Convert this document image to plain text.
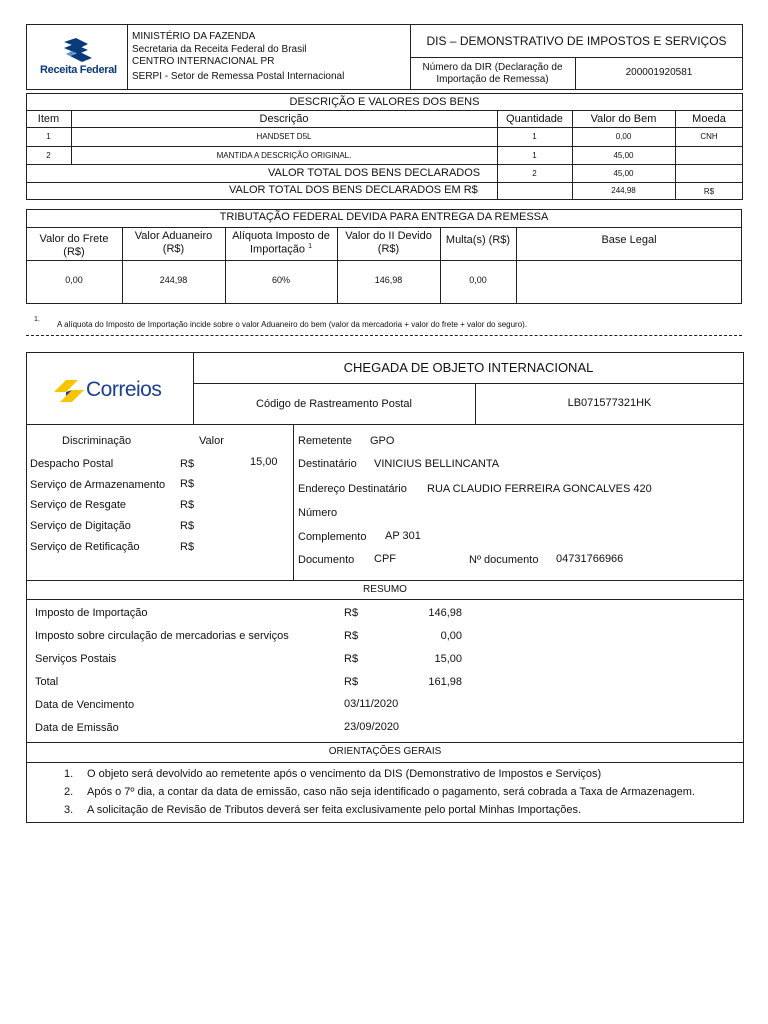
Receita Federal
MINISTÉRIO DA FAZENDA
Secretaria da Receita Federal do Brasil
CENTRO INTERNACIONAL PR
SERPI - Setor de Remessa Postal Internacional
DIS – DEMONSTRATIVO DE IMPOSTOS E SERVIÇOS
Número da DIR (Declaração de
Importação de Remessa)
200001920581
DESCRIÇÃO E VALORES DOS BENS
Item	Descrição	Quantidade	Valor do Bem	Moeda
1	HANDSET D5L	1	0,00	CNH
2	MANTIDA A DESCRIÇÃO ORIGINAL.	1	45,00
VALOR TOTAL DOS BENS DECLARADOS	2	45,00
VALOR TOTAL DOS BENS DECLARADOS EM R$	244,98	R$
TRIBUTAÇÃO FEDERAL DEVIDA PARA ENTREGA DA REMESSA
Valor do Frete
(R$)
Valor Aduaneiro
(R$)
Alíquota Imposto de
Importação $^1$
Valor do II Devido
(R$)
Multa(s) (R$)	Base Legal
0,00	244,98	60%	146,98	0,00
1.
A alíquota do Imposto de Importação incide sobre o valor Aduaneiro do bem (valor da mercadoria + valor do frete + valor do seguro).
Correios
CHEGADA DE OBJETO INTERNACIONAL
Código de Rastreamento Postal	LB071577321HK
Discriminação	Valor
Despacho Postal	R$	15,00
Serviço de Armazenamento R$
Serviço de Resgate	R$
Serviço de Digitação	R$
Serviço de Retificação	R$
Remetente GPO
Destinatário VINICIUS BELLINCANTA
Endereço Destinatário RUA CLAUDIO FERREIRA GONCALVES 420
Número
Complemento AP 301
Documento CPF	Nº documento 04731766966
RESUMO
Imposto de Importação	R$	146,98
Imposto sobre circulação de mercadorias e serviços	R$	0,00
Serviços Postais	R$	15,00
Total	R$	161,98
Data de Vencimento	03/11/2020
Data de Emissão	23/09/2020
ORIENTAÇÕES GERAIS
1. O objeto será devolvido ao remetente após o vencimento da DIS (Demonstrativo de Impostos e Serviços)
2. Após o 7º dia, a contar da data de emissão, caso não seja identificado o pagamento, será cobrada a Taxa de Armazenagem.
3. A solicitação de Revisão de Tributos deverá ser feita exclusivamente pelo portal Minhas Importações.
